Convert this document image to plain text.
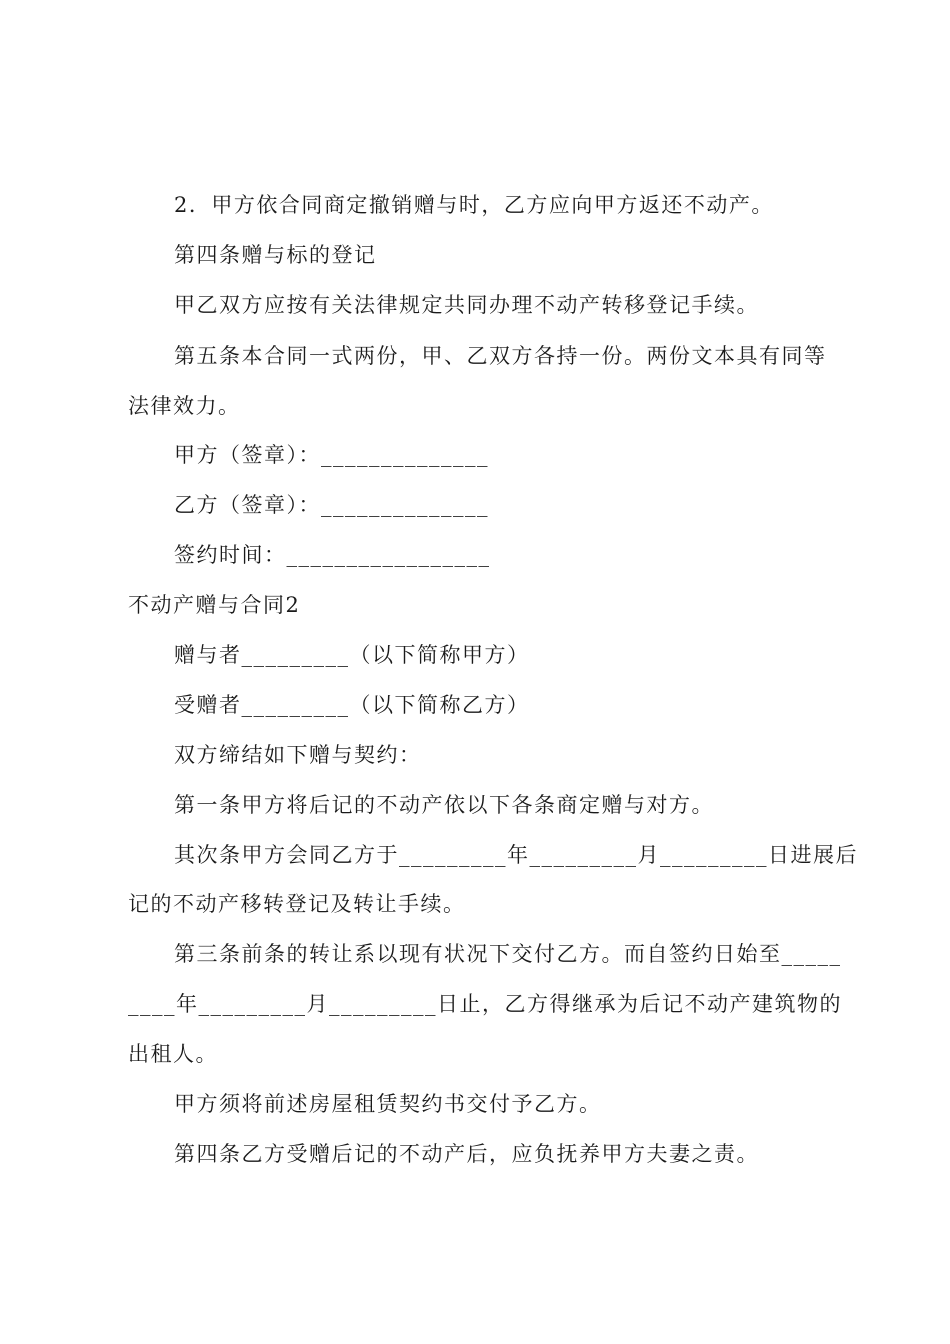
2．甲方依合同商定撤销赠与时，乙方应向甲方返还不动产。
第四条赠与标的登记
甲乙双方应按有关法律规定共同办理不动产转移登记手续。
第五条本合同一式两份，甲、乙双方各持一份。两份文本具有同等
法律效力。
甲方（签章）：______________
乙方（签章）：______________
签约时间：_________________
不动产赠与合同2
赠与者_________（以下简称甲方）
受赠者_________（以下简称乙方）
双方缔结如下赠与契约：
第一条甲方将后记的不动产依以下各条商定赠与对方。
其次条甲方会同乙方于_________年_________月_________日进展后
记的不动产移转登记及转让手续。
第三条前条的转让系以现有状况下交付乙方。而自签约日始至_____
____年_________月_________日止，乙方得继承为后记不动产建筑物的
出租人。
甲方须将前述房屋租赁契约书交付予乙方。
第四条乙方受赠后记的不动产后，应负抚养甲方夫妻之责。
